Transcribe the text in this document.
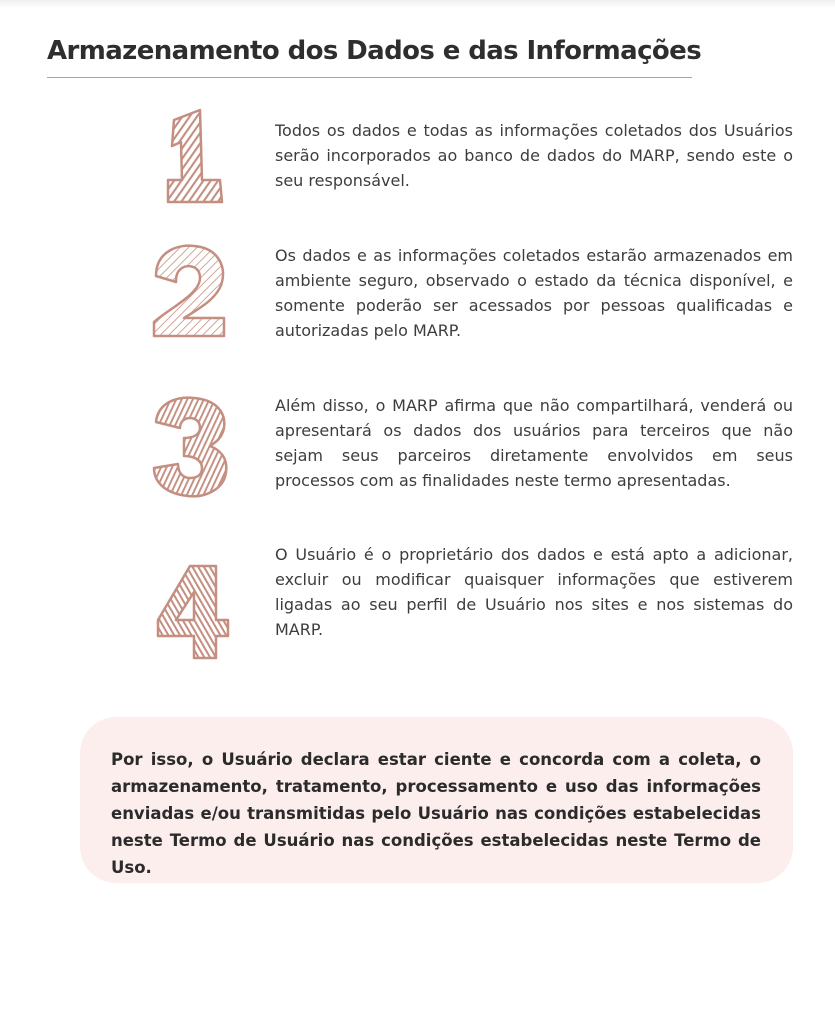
Armazenamento dos Dados e das Informações

Todos os dados e todas as informações coletados dos Usuários serão incorporados ao banco de dados do MARP, sendo este o seu responsável.

Os dados e as informações coletados estarão armazenados em ambiente seguro, observado o estado da técnica disponível, e somente poderão ser acessados por pessoas qualificadas e autorizadas pelo MARP.

Além disso, o MARP afirma que não compartilhará, venderá ou apresentará os dados dos usuários para terceiros que não sejam seus parceiros diretamente envolvidos em seus processos com as finalidades neste termo apresentadas.

O Usuário é o proprietário dos dados e está apto a adicionar, excluir ou modificar quaisquer informações que estiverem ligadas ao seu perfil de Usuário nos sites e nos sistemas do MARP.

Por isso, o Usuário declara estar ciente e concorda com a coleta, o armazenamento, tratamento, processamento e uso das informações enviadas e/ou transmitidas pelo Usuário nas condições estabelecidas neste Termo de Usuário nas condições estabelecidas neste Termo de Uso.
